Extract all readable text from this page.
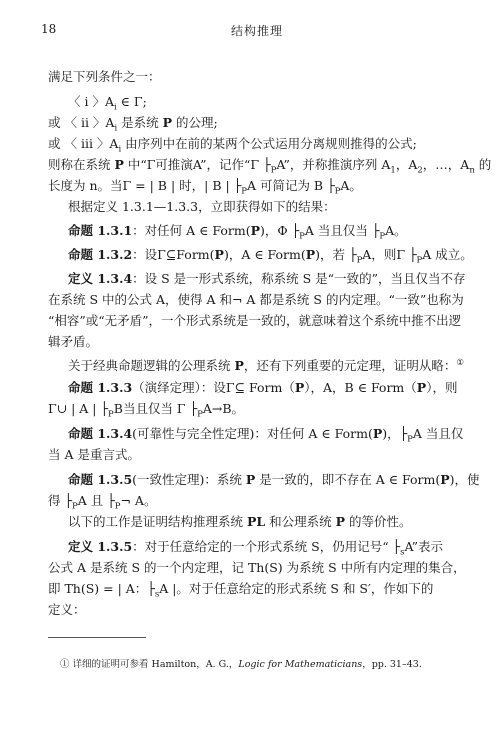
18	结构推理
满足下列条件之一：
〈 ⅰ 〉$A_i$ ∈ Γ;
或 〈 ⅱ 〉$A_i$ 是系统 P 的公理;
或 〈 ⅲ 〉$A_i$ 由序列中在前的某两个公式运用分离规则推得的公式;
则称在系统 P 中“Γ可推演A”，记作“Γ $├_PA$”，并称推演序列 $A_1$，$A_2$，…，$A_n$ 的
长度为 n。当Γ = | B | 时，| B | $├_PA$ 可简记为 B $├_PA$。
根据定义 1.3.1—1.3.3，立即获得如下的结果：
命题 1.3.1：对任何 A ∈ Form(P)，Φ $├_PA$ 当且仅当 $├_PA$。
命题 1.3.2：设Γ⊆Form(P)，A ∈ Form(P)，若 $├_PA$，则Γ $├_PA$ 成立。
定义 1.3.4：设 S 是一形式系统，称系统 S 是“一致的”，当且仅当不存
在系统 S 中的公式 A，使得 A 和¬ A 都是系统 S 的内定理。“一致”也称为
“相容”或“无矛盾”，一个形式系统是一致的，就意味着这个系统中推不出逻
辑矛盾。
关于经典命题逻辑的公理系统 P，还有下列重要的元定理，证明从略：①
命题 1.3.3（演绎定理）：设Γ⊆ Form（P），A，B ∈ Form（P），则
Γ∪ | A | $├_PB$当且仅当 Γ $├_PA\to B$。
命题 1.3.4(可靠性与完全性定理)：对任何 A ∈ Form(P)，$├_PA$ 当且仅
当 A 是重言式。
命题 1.3.5(一致性定理)：系统 P 是一致的，即不存在 A ∈ Form(P)，使
得 $├_PA$ 且 $├_P\neg$ A。
以下的工作是证明结构推理系统 PL 和公理系统 P 的等价性。
定义 1.3.5：对于任意给定的一个形式系统 S，仍用记号“ $├_sA$”表示
公式 A 是系统 S 的一个内定理，记 Th(S) 为系统 S 中所有内定理的集合，
即 Th(S) = | A：$├_sA$ |。对于任意给定的形式系统 S 和 S′，作如下的
定义：
① 详细的证明可参看 Hamilton，A. G.，Logic for Mathematicians，pp. 31–43.
